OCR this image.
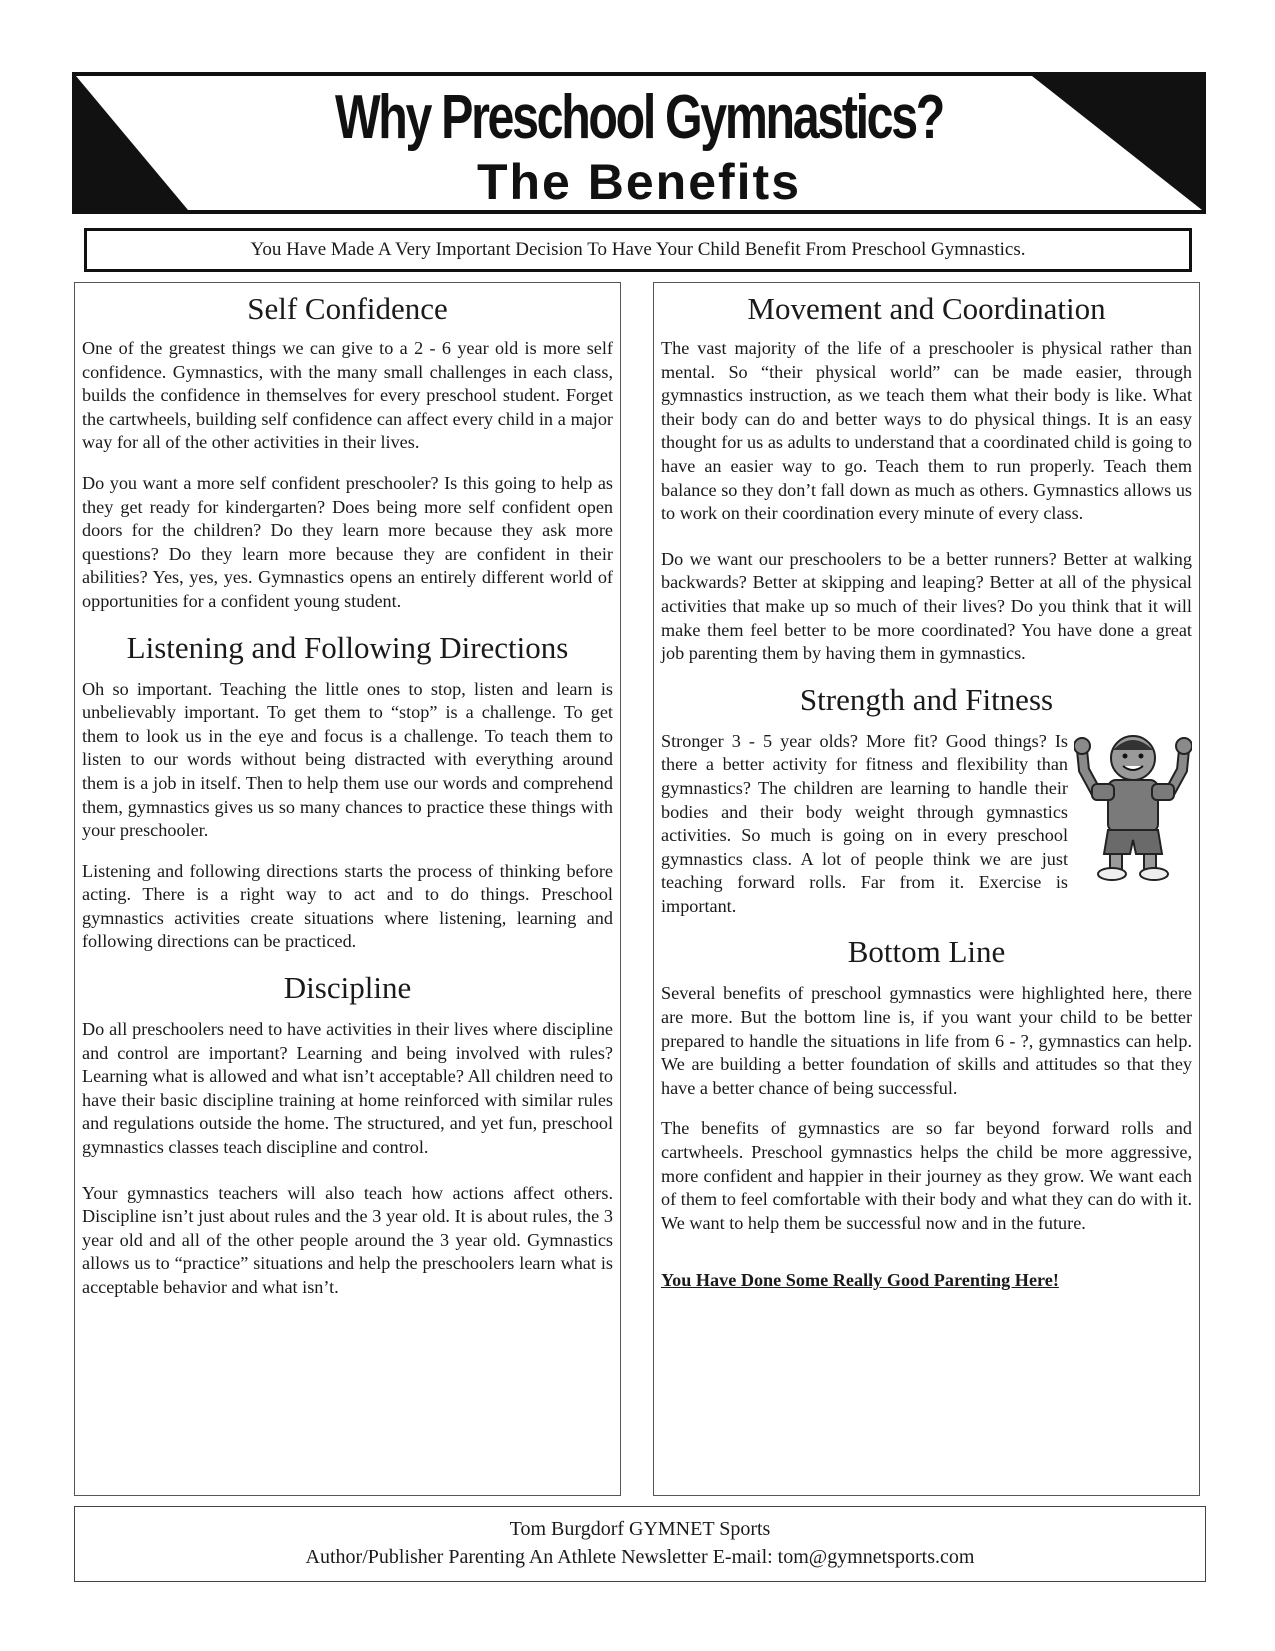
Why Preschool Gymnastics?
The Benefits
You Have Made A Very Important Decision To Have Your Child Benefit From Preschool Gymnastics.
Self Confidence

One of the greatest things we can give to a 2 - 6 year old is more self confidence. Gymnastics, with the many small challenges in each class, builds the confidence in themselves for every preschool student. Forget the cartwheels, building self confidence can affect every child in a major way for all of the other activities in their lives.

Do you want a more self confident preschooler? Is this going to help as they get ready for kindergarten? Does being more self confident open doors for the children? Do they learn more because they ask more questions? Do they learn more because they are confident in their abilities? Yes, yes, yes. Gymnastics opens an entirely different world of opportunities for a confident young student.

Listening and Following Directions

Oh so important. Teaching the little ones to stop, listen and learn is unbelievably important. To get them to “stop” is a challenge. To get them to look us in the eye and focus is a challenge. To teach them to listen to our words without being distracted with everything around them is a job in itself. Then to help them use our words and comprehend them, gymnastics gives us so many chances to practice these things with your preschooler.

Listening and following directions starts the process of thinking before acting. There is a right way to act and to do things. Preschool gymnastics activities create situations where listening, learning and following directions can be practiced.

Discipline

Do all preschoolers need to have activities in their lives where discipline and control are important? Learning and being involved with rules? Learning what is allowed and what isn’t acceptable? All children need to have their basic discipline training at home reinforced with similar rules and regulations outside the home. The structured, and yet fun, preschool gymnastics classes teach discipline and control.

Your gymnastics teachers will also teach how actions affect others. Discipline isn’t just about rules and the 3 year old. It is about rules, the 3 year old and all of the other people around the 3 year old. Gymnastics allows us to “practice” situations and help the preschoolers learn what is acceptable behavior and what isn’t.

Movement and Coordination

The vast majority of the life of a preschooler is physical rather than mental. So “their physical world” can be made easier, through gymnastics instruction, as we teach them what their body is like. What their body can do and better ways to do physical things. It is an easy thought for us as adults to understand that a coordinated child is going to have an easier way to go. Teach them to run properly. Teach them balance so they don’t fall down as much as others. Gymnastics allows us to work on their coordination every minute of every class.

Do we want our preschoolers to be a better runners? Better at walking backwards? Better at skipping and leaping? Better at all of the physical activities that make up so much of their lives? Do you think that it will make them feel better to be more coordinated? You have done a great job parenting them by having them in gymnastics.

Strength and Fitness

Stronger 3 - 5 year olds? More fit? Good things? Is there a better activity for fitness and flexibility than gymnastics? The children are learning to handle their bodies and their body weight through gymnastics activities. So much is going on in every preschool gymnastics class. A lot of people think we are just teaching forward rolls. Far from it. Exercise is important.

Bottom Line

Several benefits of preschool gymnastics were highlighted here, there are more. But the bottom line is, if you want your child to be better prepared to handle the situations in life from 6 - ?, gymnastics can help. We are building a better foundation of skills and attitudes so that they have a better chance of being successful.

The benefits of gymnastics are so far beyond forward rolls and cartwheels. Preschool gymnastics helps the child be more aggressive, more confident and happier in their journey as they grow. We want each of them to feel comfortable with their body and what they can do with it. We want to help them be successful now and in the future.

You Have Done Some Really Good Parenting Here!

Tom Burgdorf GYMNET Sports
Author/Publisher Parenting An Athlete Newsletter E-mail: tom@gymnetsports.com
